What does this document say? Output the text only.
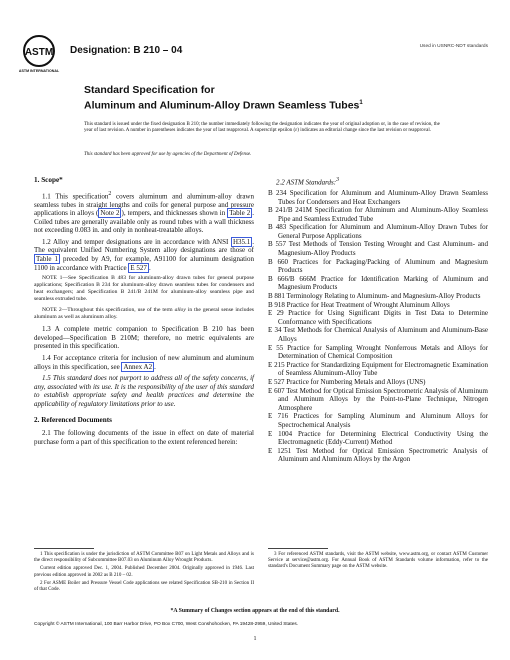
ASTM
ASTM INTERNATIONAL
Designation: B 210 – 04	Used in USNRC-NDT standards
Standard Specification for
Aluminum and Aluminum-Alloy Drawn Seamless Tubes$^1$
This standard is issued under the fixed designation B 210; the number immediately following the designation indicates the year of original adoption or, in the case of revision, the year of last revision. A number in parentheses indicates the year of last reapproval. A superscript epsilon (ε) indicates an editorial change since the last revision or reapproval.
This standard has been approved for use by agencies of the Department of Defense.
1. Scope*

1.1 This specification$^2$ covers aluminum and aluminum-alloy drawn seamless tubes in straight lengths and coils for general purpose and pressure applications in alloys ( Note 2 ), tempers, and thicknesses shown in Table 2 . Coiled tubes are generally available only as round tubes with a wall thickness not exceeding 0.083 in. and only in nonheat-treatable alloys.

1.2 Alloy and temper designations are in accordance with ANSI H35.1 . The equivalent Unified Numbering System alloy designations are those of Table 1 preceded by A9, for example, A91100 for aluminum designation 1100 in accordance with Practice E 527 .

NOTE 1—See Specification B 483 for aluminum-alloy drawn tubes for general purpose applications; Specification B 234 for aluminum-alloy drawn seamless tubes for condensers and heat exchangers; and Specification B 241/B 241M for aluminum-alloy seamless pipe and seamless extruded tube.

NOTE 2—Throughout this specification, use of the term alloy in the general sense includes aluminum as well as aluminum alloy.

1.3 A complete metric companion to Specification B 210 has been developed—Specification B 210M; therefore, no metric equivalents are presented in this specification.

1.4 For acceptance criteria for inclusion of new aluminum and aluminum alloys in this specification, see Annex A2 .

1.5 This standard does not purport to address all of the safety concerns, if any, associated with its use. It is the responsibility of the user of this standard to establish appropriate safety and health practices and determine the applicability of regulatory limitations prior to use.

2. Referenced Documents

2.1 The following documents of the issue in effect on date of material purchase form a part of this specification to the extent referenced herein:

2.2 ASTM Standards:$^3$

B 234 Specification for Aluminum and Aluminum-Alloy Drawn Seamless Tubes for Condensers and Heat Exchangers

B 241/B 241M Specification for Aluminum and Aluminum-Alloy Seamless Pipe and Seamless Extruded Tube

B 483 Specification for Aluminum and Aluminum-Alloy Drawn Tubes for General Purpose Applications

B 557 Test Methods of Tension Testing Wrought and Cast Aluminum- and Magnesium-Alloy Products

B 660 Practices for Packaging/Packing of Aluminum and Magnesium Products

B 666/B 666M Practice for Identification Marking of Aluminum and Magnesium Products

B 881 Terminology Relating to Aluminum- and Magnesium-Alloy Products

B 918 Practice for Heat Treatment of Wrought Aluminum Alloys

E 29 Practice for Using Significant Digits in Test Data to Determine Conformance with Specifications

E 34 Test Methods for Chemical Analysis of Aluminum and Aluminum-Base Alloys

E 55 Practice for Sampling Wrought Nonferrous Metals and Alloys for Determination of Chemical Composition

E 215 Practice for Standardizing Equipment for Electromagnetic Examination of Seamless Aluminum-Alloy Tube

E 527 Practice for Numbering Metals and Alloys (UNS)

E 607 Test Method for Optical Emission Spectrometric Analysis of Aluminum and Aluminum Alloys by the Point-to-Plane Technique, Nitrogen Atmosphere

E 716 Practices for Sampling Aluminum and Aluminum Alloys for Spectrochemical Analysis

E 1004 Practice for Determining Electrical Conductivity Using the Electromagnetic (Eddy-Current) Method

E 1251 Test Method for Optical Emission Spectrometric Analysis of Aluminum and Aluminum Alloys by the Argon

1 This specification is under the jurisdiction of ASTM Committee B07 on Light Metals and Alloys and is the direct responsibility of Subcommittee B07.03 on Aluminum Alloy Wrought Products.

Current edition approved Dec. 1, 2004. Published December 2004. Originally approved in 1946. Last previous edition approved in 2002 as B 210 – 02.

2 For ASME Boiler and Pressure Vessel Code applications see related Specification SB-210 in Section II of that Code.

3 For referenced ASTM standards, visit the ASTM website, www.astm.org, or contact ASTM Customer Service at service@astm.org. For Annual Book of ASTM Standards volume information, refer to the standard's Document Summary page on the ASTM website.

*A Summary of Changes section appears at the end of this standard.
Copyright © ASTM International, 100 Barr Harbor Drive, PO Box C700, West Conshohocken, PA 19428-2959, United States.
1
